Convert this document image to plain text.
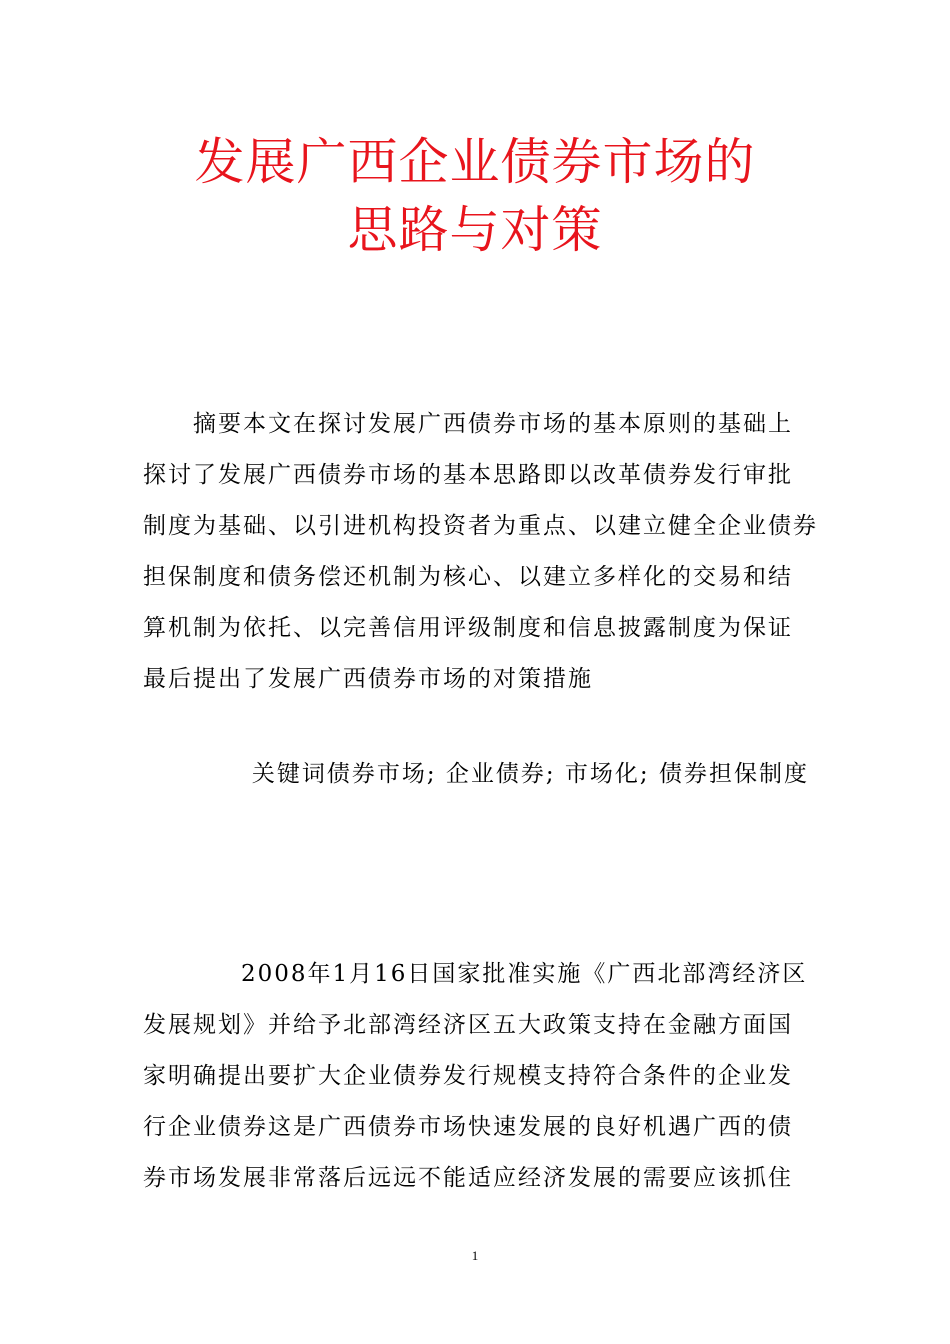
发展广西企业债券市场的
思路与对策
摘要本文在探讨发展广西债券市场的基本原则的基础上
探讨了发展广西债券市场的基本思路即以改革债券发行审批
制度为基础、以引进机构投资者为重点、以建立健全企业债券
担保制度和债务偿还机制为核心、以建立多样化的交易和结
算机制为依托、以完善信用评级制度和信息披露制度为保证
最后提出了发展广西债券市场的对策措施
关键词债券市场; 企业债券; 市场化; 债券担保制度
2008年1月16日国家批准实施《广西北部湾经济区
发展规划》并给予北部湾经济区五大政策支持在金融方面国
家明确提出要扩大企业债券发行规模支持符合条件的企业发
行企业债券这是广西债券市场快速发展的良好机遇广西的债
券市场发展非常落后远远不能适应经济发展的需要应该抓住
1
